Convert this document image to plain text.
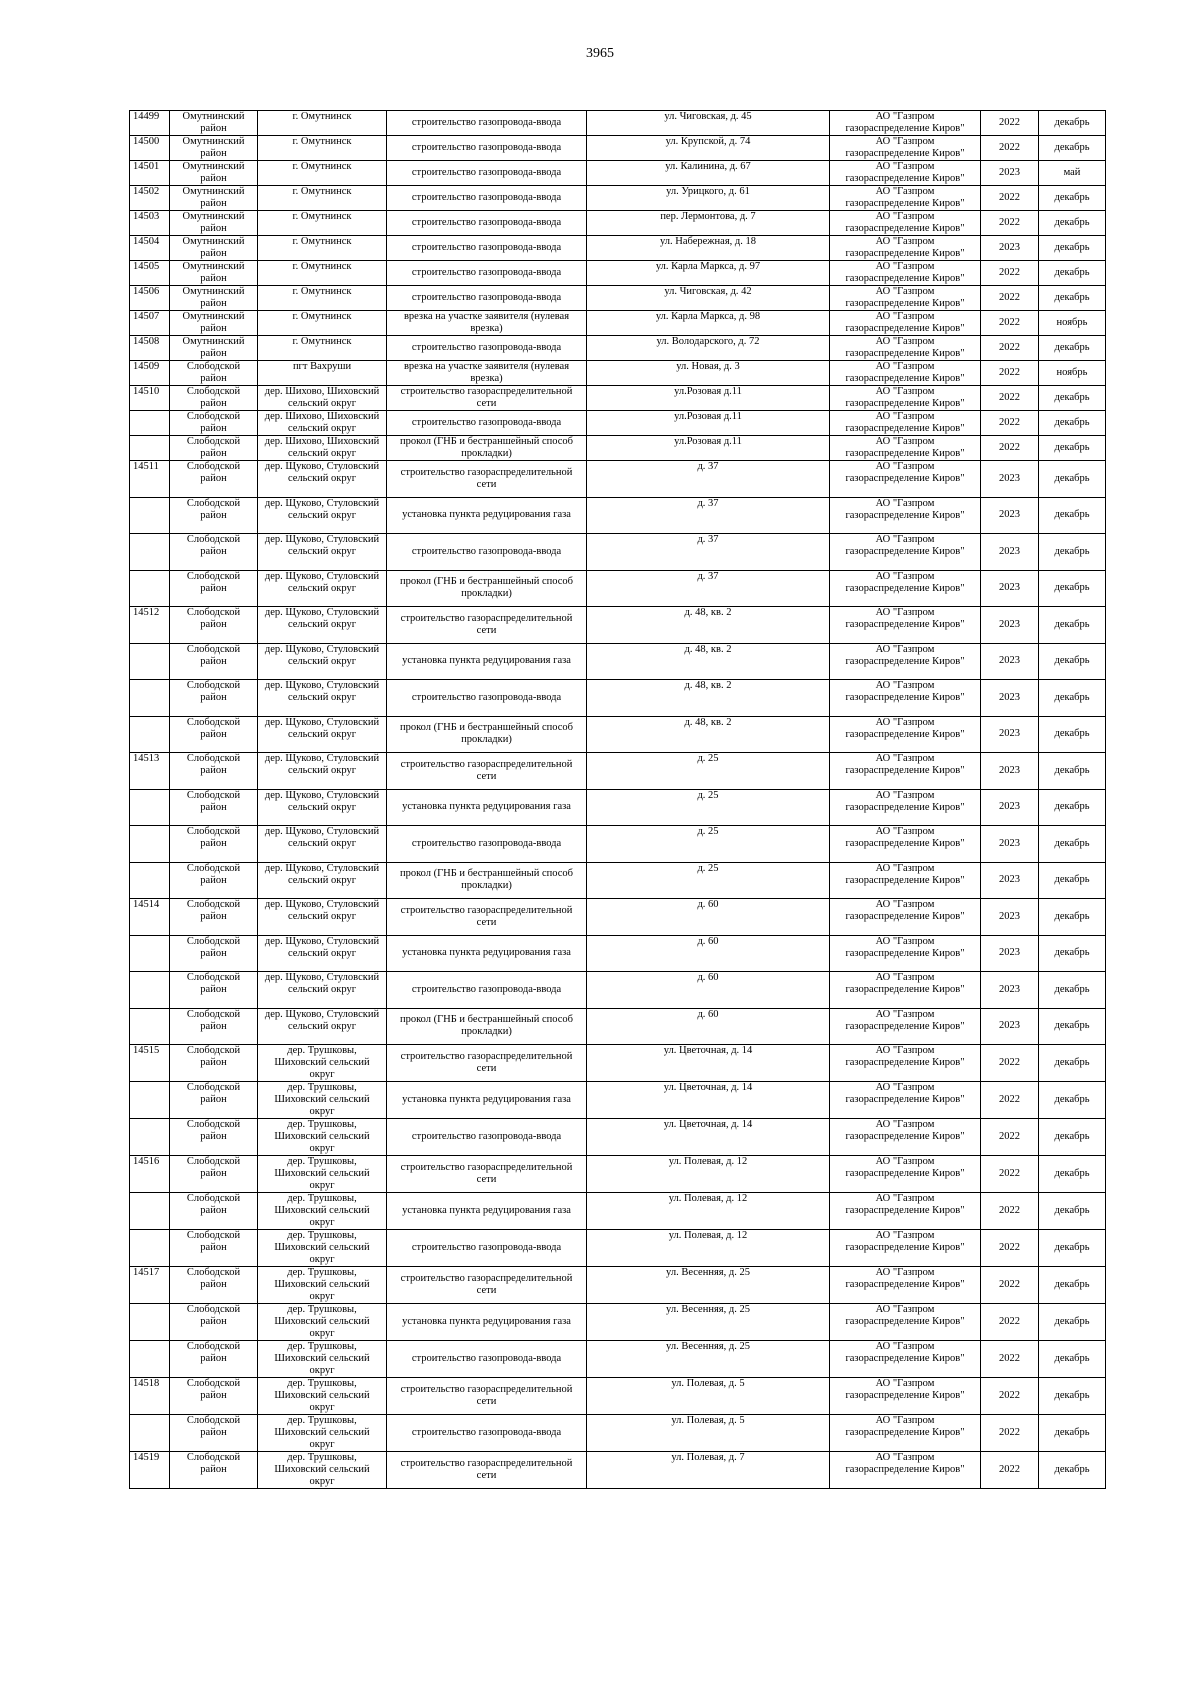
3965
14499	Омутнинский
район	г. Омутнинск	строительство газопровода-ввода	ул. Чиговская, д. 45	АО "Газпром
газораспределение Киров"	2022	декабрь
14500	Омутнинский
район	г. Омутнинск	строительство газопровода-ввода	ул. Крупской, д. 74	АО "Газпром
газораспределение Киров"	2022	декабрь
14501	Омутнинский
район	г. Омутнинск	строительство газопровода-ввода	ул. Калинина, д. 67	АО "Газпром
газораспределение Киров"	2023	май
14502	Омутнинский
район	г. Омутнинск	строительство газопровода-ввода	ул. Урицкого, д. 61	АО "Газпром
газораспределение Киров"	2022	декабрь
14503	Омутнинский
район	г. Омутнинск	строительство газопровода-ввода	пер. Лермонтова, д. 7	АО "Газпром
газораспределение Киров"	2022	декабрь
14504	Омутнинский
район	г. Омутнинск	строительство газопровода-ввода	ул. Набережная, д. 18	АО "Газпром
газораспределение Киров"	2023	декабрь
14505	Омутнинский
район	г. Омутнинск	строительство газопровода-ввода	ул. Карла Маркса, д. 97	АО "Газпром
газораспределение Киров"	2022	декабрь
14506	Омутнинский
район	г. Омутнинск	строительство газопровода-ввода	ул. Чиговская, д. 42	АО "Газпром
газораспределение Киров"	2022	декабрь
14507	Омутнинский
район	г. Омутнинск	врезка на участке заявителя (нулевая
врезка)	ул. Карла Маркса, д. 98	АО "Газпром
газораспределение Киров"	2022	ноябрь
14508	Омутнинский
район	г. Омутнинск	строительство газопровода-ввода	ул. Володарского, д. 72	АО "Газпром
газораспределение Киров"	2022	декабрь
14509	Слободской
район	пгт Вахруши	врезка на участке заявителя (нулевая
врезка)	ул. Новая, д. 3	АО "Газпром
газораспределение Киров"	2022	ноябрь
14510	Слободской
район	дер. Шихово, Шиховский
сельский округ	строительство газораспределительной
сети	ул.Розовая д.11	АО "Газпром
газораспределение Киров"	2022	декабрь

	Слободской
район	дер. Шихово, Шиховский
сельский округ	строительство газопровода-ввода	ул.Розовая д.11	АО "Газпром
газораспределение Киров"	2022	декабрь

	Слободской
район	дер. Шихово, Шиховский
сельский округ	прокол (ГНБ и бестраншейный способ
прокладки)	ул.Розовая д.11	АО "Газпром
газораспределение Киров"	2022	декабрь
14511	Слободской
район	дер. Щуково, Стуловский
сельский округ	строительство газораспределительной
сети	д. 37	АО "Газпром
газораспределение Киров"	2023	декабрь

	Слободской
район	дер. Щуково, Стуловский
сельский округ	установка пункта редуцирования газа	д. 37	АО "Газпром
газораспределение Киров"	2023	декабрь

	Слободской
район	дер. Щуково, Стуловский
сельский округ	строительство газопровода-ввода	д. 37	АО "Газпром
газораспределение Киров"	2023	декабрь

	Слободской
район	дер. Щуково, Стуловский
сельский округ	прокол (ГНБ и бестраншейный способ
прокладки)	д. 37	АО "Газпром
газораспределение Киров"	2023	декабрь
14512	Слободской
район	дер. Щуково, Стуловский
сельский округ	строительство газораспределительной
сети	д. 48, кв. 2	АО "Газпром
газораспределение Киров"	2023	декабрь

	Слободской
район	дер. Щуково, Стуловский
сельский округ	установка пункта редуцирования газа	д. 48, кв. 2	АО "Газпром
газораспределение Киров"	2023	декабрь

	Слободской
район	дер. Щуково, Стуловский
сельский округ	строительство газопровода-ввода	д. 48, кв. 2	АО "Газпром
газораспределение Киров"	2023	декабрь

	Слободской
район	дер. Щуково, Стуловский
сельский округ	прокол (ГНБ и бестраншейный способ
прокладки)	д. 48, кв. 2	АО "Газпром
газораспределение Киров"	2023	декабрь
14513	Слободской
район	дер. Щуково, Стуловский
сельский округ	строительство газораспределительной
сети	д. 25	АО "Газпром
газораспределение Киров"	2023	декабрь

	Слободской
район	дер. Щуково, Стуловский
сельский округ	установка пункта редуцирования газа	д. 25	АО "Газпром
газораспределение Киров"	2023	декабрь

	Слободской
район	дер. Щуково, Стуловский
сельский округ	строительство газопровода-ввода	д. 25	АО "Газпром
газораспределение Киров"	2023	декабрь

	Слободской
район	дер. Щуково, Стуловский
сельский округ	прокол (ГНБ и бестраншейный способ
прокладки)	д. 25	АО "Газпром
газораспределение Киров"	2023	декабрь
14514	Слободской
район	дер. Щуково, Стуловский
сельский округ	строительство газораспределительной
сети	д. 60	АО "Газпром
газораспределение Киров"	2023	декабрь

	Слободской
район	дер. Щуково, Стуловский
сельский округ	установка пункта редуцирования газа	д. 60	АО "Газпром
газораспределение Киров"	2023	декабрь

	Слободской
район	дер. Щуково, Стуловский
сельский округ	строительство газопровода-ввода	д. 60	АО "Газпром
газораспределение Киров"	2023	декабрь

	Слободской
район	дер. Щуково, Стуловский
сельский округ	прокол (ГНБ и бестраншейный способ
прокладки)	д. 60	АО "Газпром
газораспределение Киров"	2023	декабрь
14515	Слободской
район	дер. Трушковы,
Шиховский сельский
округ	строительство газораспределительной
сети	ул. Цветочная, д. 14	АО "Газпром
газораспределение Киров"	2022	декабрь

	Слободской
район	дер. Трушковы,
Шиховский сельский
округ	установка пункта редуцирования газа	ул. Цветочная, д. 14	АО "Газпром
газораспределение Киров"	2022	декабрь

	Слободской
район	дер. Трушковы,
Шиховский сельский
округ	строительство газопровода-ввода	ул. Цветочная, д. 14	АО "Газпром
газораспределение Киров"	2022	декабрь
14516	Слободской
район	дер. Трушковы,
Шиховский сельский
округ	строительство газораспределительной
сети	ул. Полевая, д. 12	АО "Газпром
газораспределение Киров"	2022	декабрь

	Слободской
район	дер. Трушковы,
Шиховский сельский
округ	установка пункта редуцирования газа	ул. Полевая, д. 12	АО "Газпром
газораспределение Киров"	2022	декабрь

	Слободской
район	дер. Трушковы,
Шиховский сельский
округ	строительство газопровода-ввода	ул. Полевая, д. 12	АО "Газпром
газораспределение Киров"	2022	декабрь
14517	Слободской
район	дер. Трушковы,
Шиховский сельский
округ	строительство газораспределительной
сети	ул. Весенняя, д. 25	АО "Газпром
газораспределение Киров"	2022	декабрь

	Слободской
район	дер. Трушковы,
Шиховский сельский
округ	установка пункта редуцирования газа	ул. Весенняя, д. 25	АО "Газпром
газораспределение Киров"	2022	декабрь

	Слободской
район	дер. Трушковы,
Шиховский сельский
округ	строительство газопровода-ввода	ул. Весенняя, д. 25	АО "Газпром
газораспределение Киров"	2022	декабрь
14518	Слободской
район	дер. Трушковы,
Шиховский сельский
округ	строительство газораспределительной
сети	ул. Полевая, д. 5	АО "Газпром
газораспределение Киров"	2022	декабрь

	Слободской
район	дер. Трушковы,
Шиховский сельский
округ	строительство газопровода-ввода	ул. Полевая, д. 5	АО "Газпром
газораспределение Киров"	2022	декабрь
14519	Слободской
район	дер. Трушковы,
Шиховский сельский
округ	строительство газораспределительной
сети	ул. Полевая, д. 7	АО "Газпром
газораспределение Киров"	2022	декабрь
